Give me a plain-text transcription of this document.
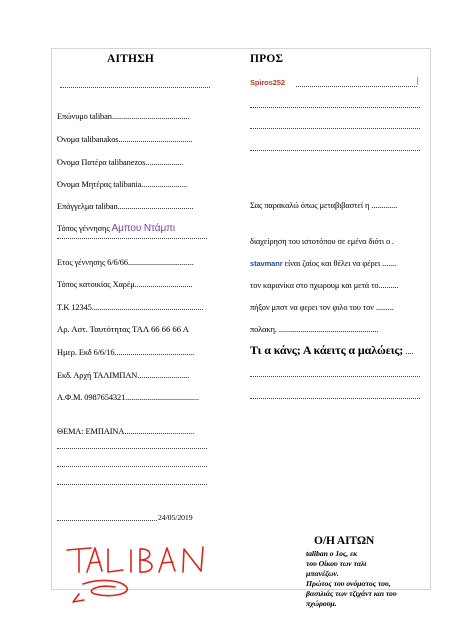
ΑΙΤΗΣΗ
Επώνυμο taliban.......................................
Όνομα talibanakos.....................................
Όνομα Πατέρα talibanezos...................
Όνομα Μητέρας talibania.......................
Επάγγελμα taliban......................................
Τόπος γέννησης Αμπου Ντάμπι
Ετος γέννησης 6/6/66.................................
Τόπος κατοικίας Χαρέμ.............................
Τ.Κ 12345........................................................
Αρ. Αστ. Ταυτότητας ΤΑΛ 66 66 66 Α
Ημερ. Εκδ 6/6/16........................................
Εκδ. Αρχή ΤΑΛΙΜΠΑΝ..........................
Α.Φ.Μ. 0987654321.....................................
ΘΕΜΑ: ΕΜΠΑΙΝΑ...................................
24/05/2019
ΠΡΟΣ
Spiros252	|
Σας παρακαλώ όπως μεταβιβαστεί η .............
διαχείρηση του ιστοτόπου σε εμένα διότι ο .
stavmanr είναι ζαίος και θέλει να φέρει .......
τον καρανίκα στο πχωρουμ και μετά το..........
πήξον μπστ να φερει τον φιλο του τον .........
πολακη. ..................................................
Τι α κάνς; Α κάειτς α μαλώεις; ....
Ο/Η ΑΙΤΩΝ
taliban ο 1ος, εκ
του Οίκου των ταλι
μπανέζων.
Πρώτος του ονόματος του,
βασιλιάς των τζιχάντ και του
πχώρουμ.
